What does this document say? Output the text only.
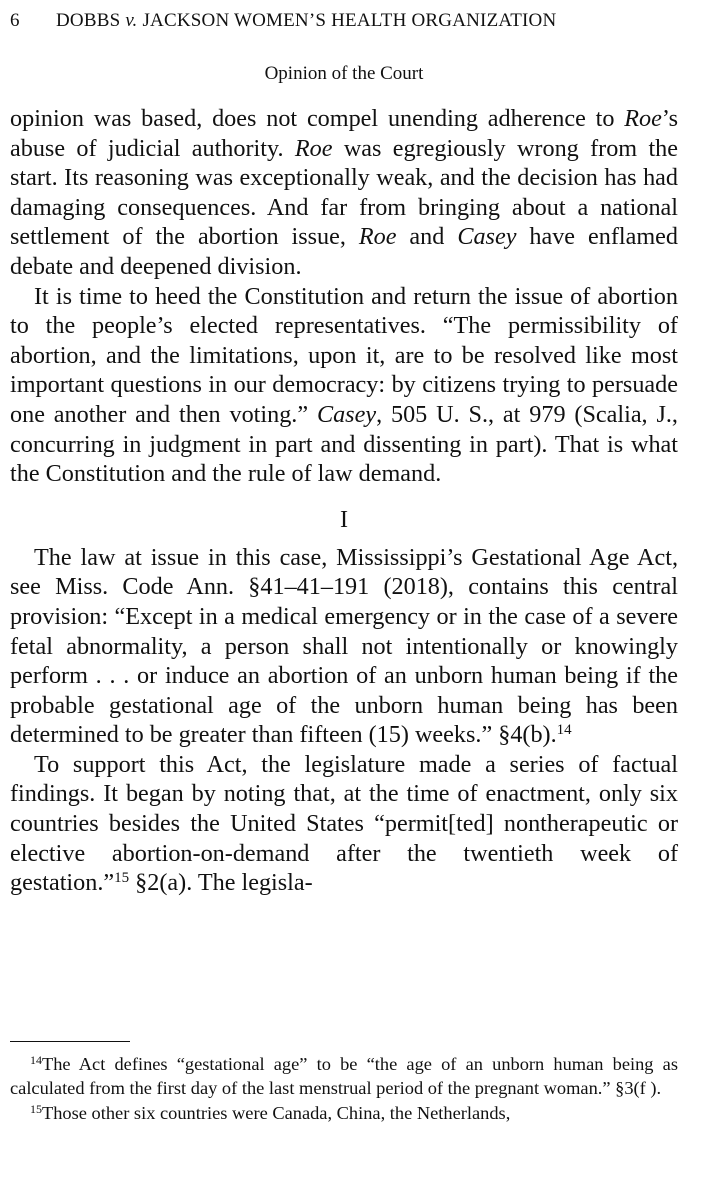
6 DOBBS v. JACKSON WOMEN’S HEALTH ORGANIZATION
Opinion of the Court

opinion was based, does not compel unending adherence to Roe’s abuse of judicial authority. Roe was egregiously wrong from the start. Its reasoning was exceptionally weak, and the decision has had damaging consequences. And far from bringing about a national settlement of the abortion issue, Roe and Casey have enflamed debate and deepened division.

It is time to heed the Constitution and return the issue of abortion to the people’s elected representatives. “The permissibility of abortion, and the limitations, upon it, are to be resolved like most important questions in our democracy: by citizens trying to persuade one another and then voting.” Casey, 505 U. S., at 979 (Scalia, J., concurring in judgment in part and dissenting in part). That is what the Constitution and the rule of law demand.

I

The law at issue in this case, Mississippi’s Gestational Age Act, see Miss. Code Ann. §41–41–191 (2018), contains this central provision: “Except in a medical emergency or in the case of a severe fetal abnormality, a person shall not intentionally or knowingly perform . . . or induce an abortion of an unborn human being if the probable gestational age of the unborn human being has been determined to be greater than fifteen (15) weeks.” §4(b).$^{14}$

To support this Act, the legislature made a series of factual findings. It began by noting that, at the time of enactment, only six countries besides the United States “permit[ted] nontherapeutic or elective abortion-on-demand after the twentieth week of gestation.”$^{15}$ §2(a). The legisla-

$^{14}$The Act defines “gestational age” to be “the age of an unborn human being as calculated from the first day of the last menstrual period of the pregnant woman.” §3(f ).

$^{15}$Those other six countries were Canada, China, the Netherlands,
